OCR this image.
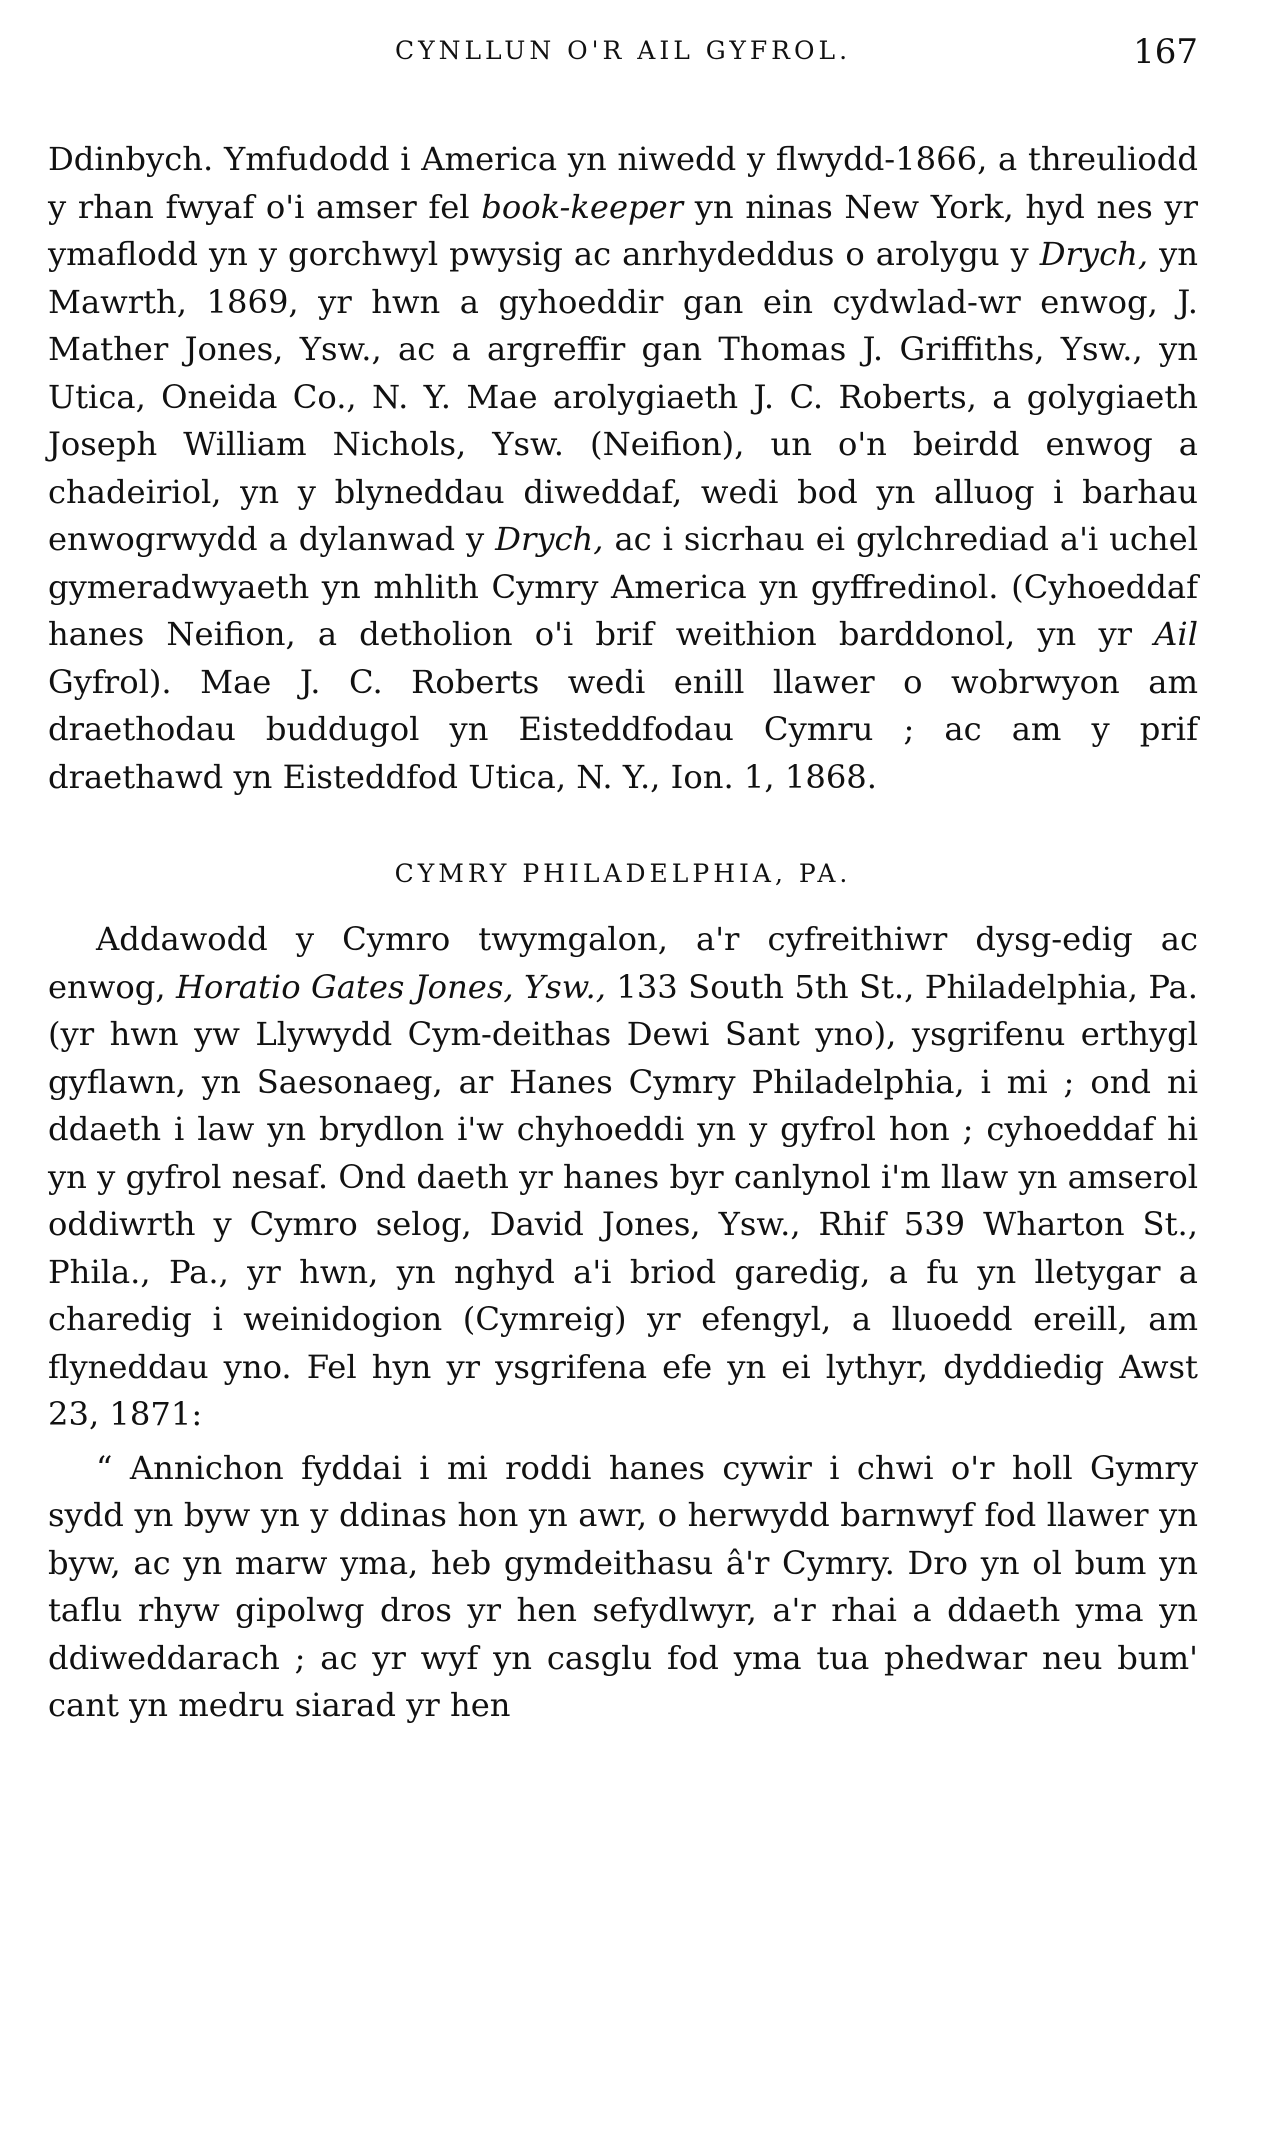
CYNLLUN O'R AIL GYFROL.	167

Ddinbych. Ymfudodd i America yn niwedd y flwydd-1866, a threuliodd y rhan fwyaf o'i amser fel book-keeper yn ninas New York, hyd nes yr ymaflodd yn y gorchwyl pwysig ac anrhydeddus o arolygu y Drych, yn Mawrth, 1869, yr hwn a gyhoeddir gan ein cydwlad-wr enwog, J. Mather Jones, Ysw., ac a argreffir gan Thomas J. Griffiths, Ysw., yn Utica, Oneida Co., N. Y. Mae arolygiaeth J. C. Roberts, a golygiaeth Joseph William Nichols, Ysw. (Neifion), un o'n beirdd enwog a chadeiriol, yn y blyneddau diweddaf, wedi bod yn alluog i barhau enwogrwydd a dylanwad y Drych, ac i sicrhau ei gylchrediad a'i uchel gymeradwyaeth yn mhlith Cymry America yn gyffredinol. (Cyhoeddaf hanes Neifion, a detholion o'i brif weithion barddonol, yn yr Ail Gyfrol). Mae J. C. Roberts wedi enill llawer o wobrwyon am draethodau buddugol yn Eisteddfodau Cymru ; ac am y prif draethawd yn Eisteddfod Utica, N. Y., Ion. 1, 1868.

CYMRY PHILADELPHIA, PA.

Addawodd y Cymro twymgalon, a'r cyfreithiwr dysg-edig ac enwog, Horatio Gates Jones, Ysw., 133 South 5th St., Philadelphia, Pa. (yr hwn yw Llywydd Cym-deithas Dewi Sant yno), ysgrifenu erthygl gyflawn, yn Saesonaeg, ar Hanes Cymry Philadelphia, i mi ; ond ni ddaeth i law yn brydlon i'w chyhoeddi yn y gyfrol hon ; cyhoeddaf hi yn y gyfrol nesaf. Ond daeth yr hanes byr canlynol i'm llaw yn amserol oddiwrth y Cymro selog, David Jones, Ysw., Rhif 539 Wharton St., Phila., Pa., yr hwn, yn nghyd a'i briod garedig, a fu yn lletygar a charedig i weinidogion (Cymreig) yr efengyl, a lluoedd ereill, am flyneddau yno. Fel hyn yr ysgrifena efe yn ei lythyr, dyddiedig Awst 23, 1871:

“ Annichon fyddai i mi roddi hanes cywir i chwi o'r holl Gymry sydd yn byw yn y ddinas hon yn awr, o herwydd barnwyf fod llawer yn byw, ac yn marw yma, heb gymdeithasu â'r Cymry. Dro yn ol bum yn taflu rhyw gipolwg dros yr hen sefydlwyr, a'r rhai a ddaeth yma yn ddiweddarach ; ac yr wyf yn casglu fod yma tua phedwar neu bum' cant yn medru siarad yr hen
